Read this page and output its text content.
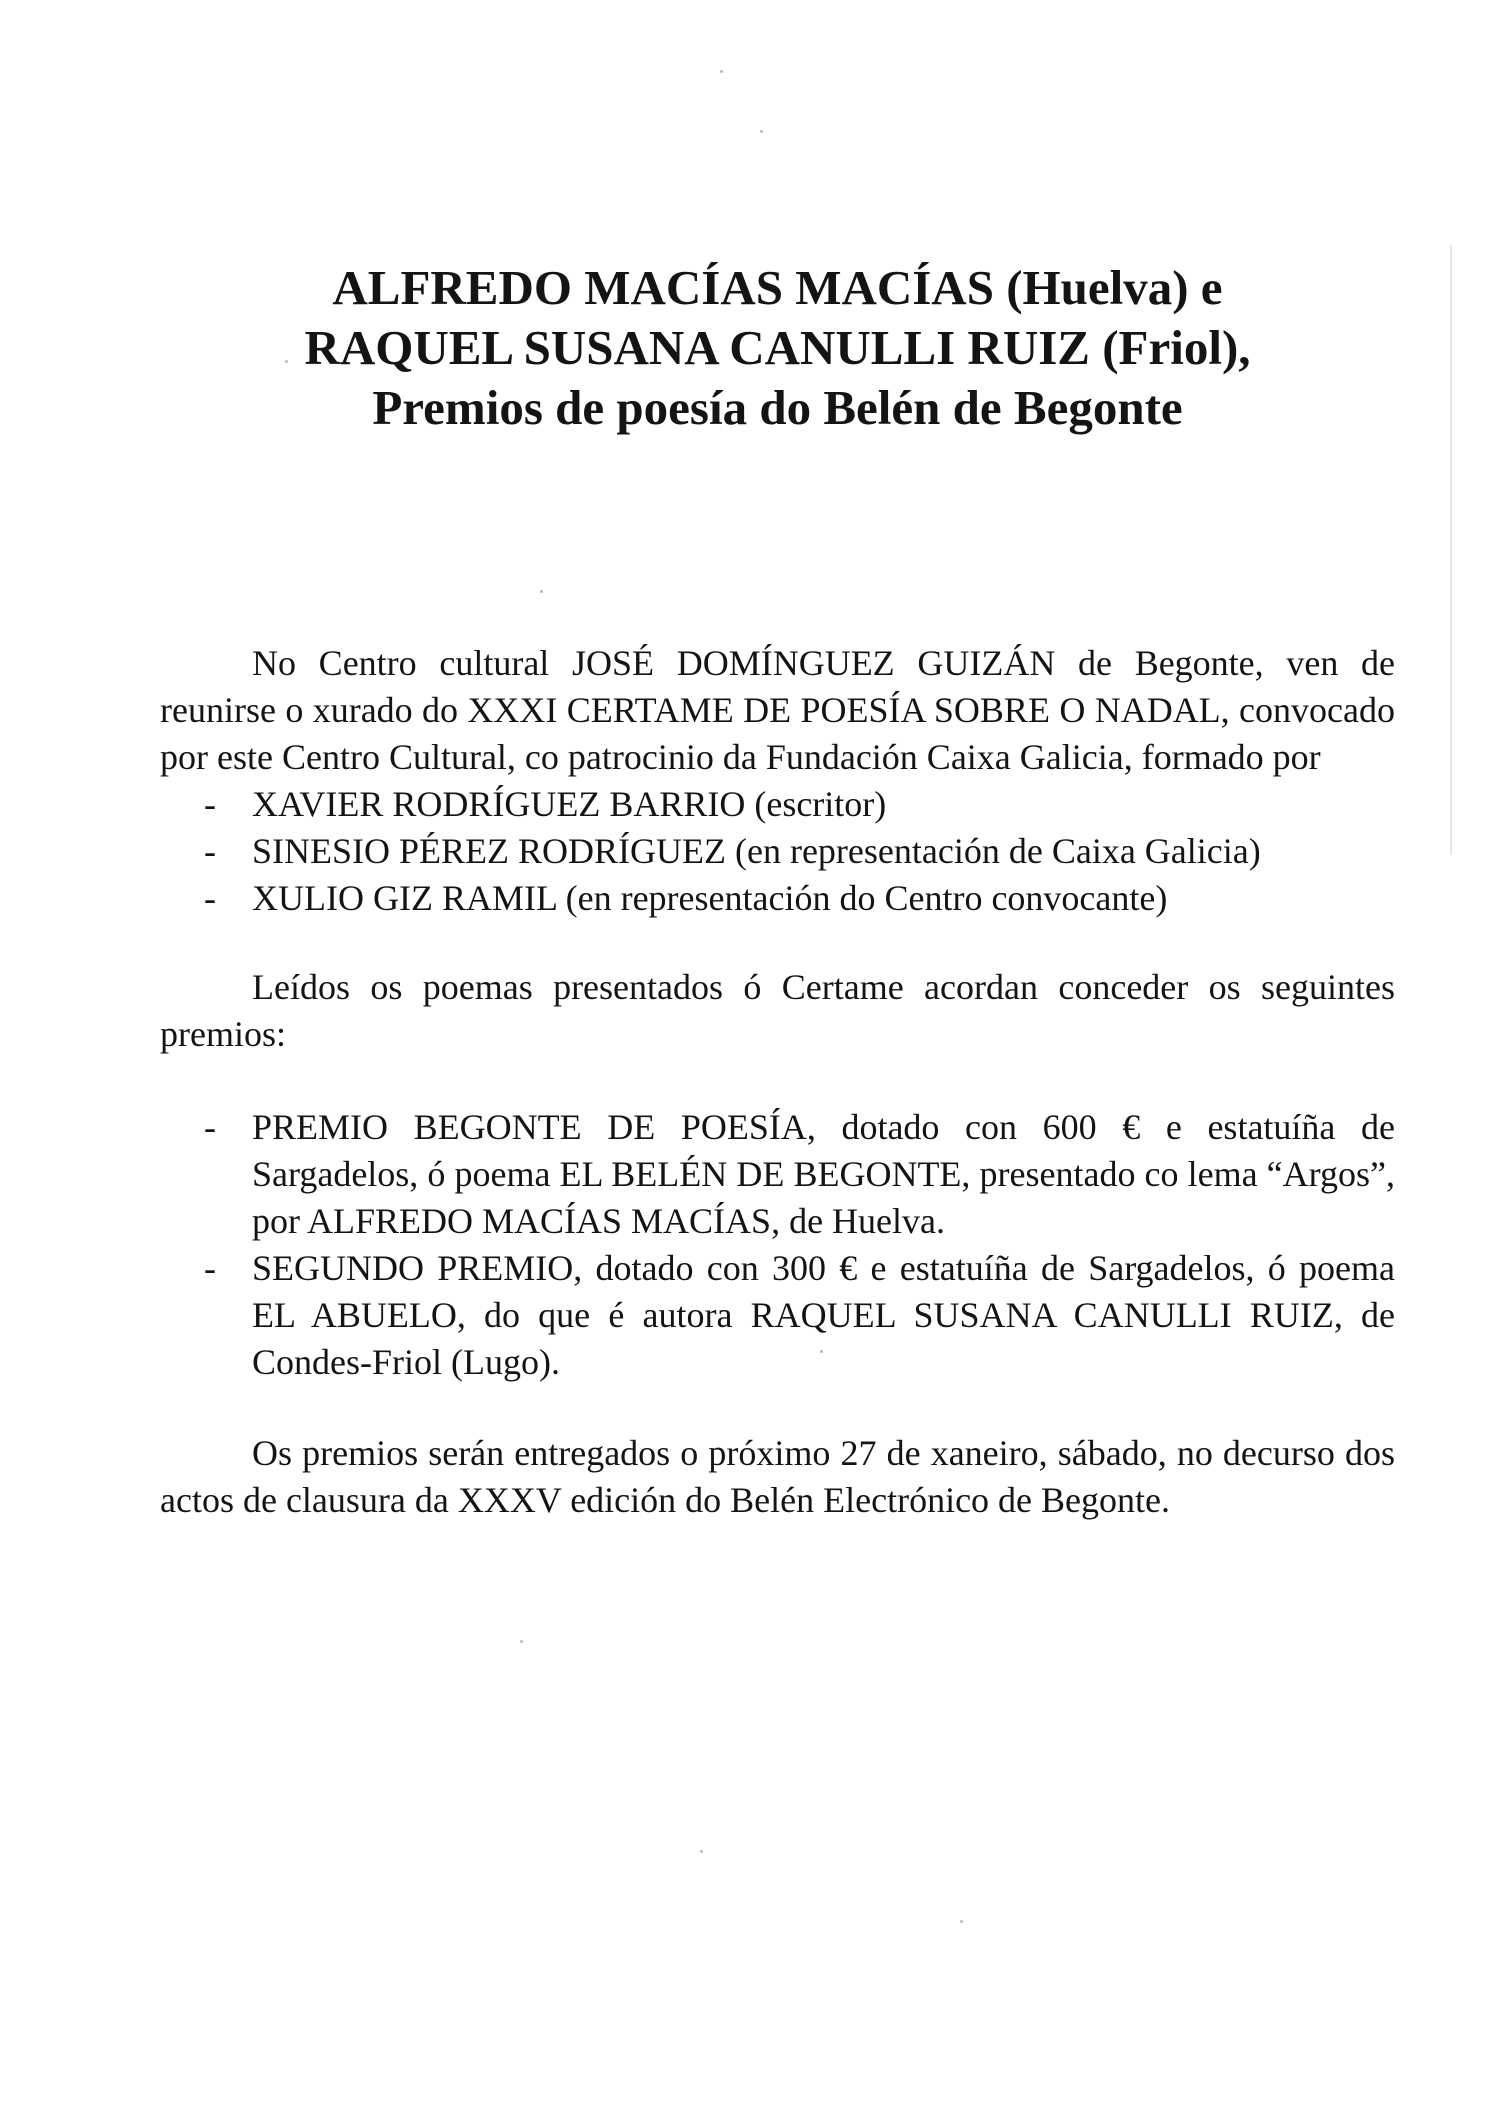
ALFREDO MACÍAS MACÍAS (Huelva) e
RAQUEL SUSANA CANULLI RUIZ (Friol),
Premios de poesía do Belén de Begonte

No Centro cultural JOSÉ DOMÍNGUEZ GUIZÁN de Begonte, ven de reunirse o xurado do XXXI CERTAME DE POESÍA SOBRE O NADAL, convocado por este Centro Cultural, co patrocinio da Fundación Caixa Galicia, formado por

- XAVIER RODRÍGUEZ BARRIO (escritor)
- SINESIO PÉREZ RODRÍGUEZ (en representación de Caixa Galicia)
- XULIO GIZ RAMIL (en representación do Centro convocante)

Leídos os poemas presentados ó Certame acordan conceder os seguintes premios:

- PREMIO BEGONTE DE POESÍA, dotado con 600 € e estatuíña de Sargadelos, ó poema EL BELÉN DE BEGONTE, presentado co lema “Argos”, por ALFREDO MACÍAS MACÍAS, de Huelva.
- SEGUNDO PREMIO, dotado con 300 € e estatuíña de Sargadelos, ó poema EL ABUELO, do que é autora RAQUEL SUSANA CANULLI RUIZ, de Condes-Friol (Lugo).

Os premios serán entregados o próximo 27 de xaneiro, sábado, no decurso dos actos de clausura da XXXV edición do Belén Electrónico de Begonte.
